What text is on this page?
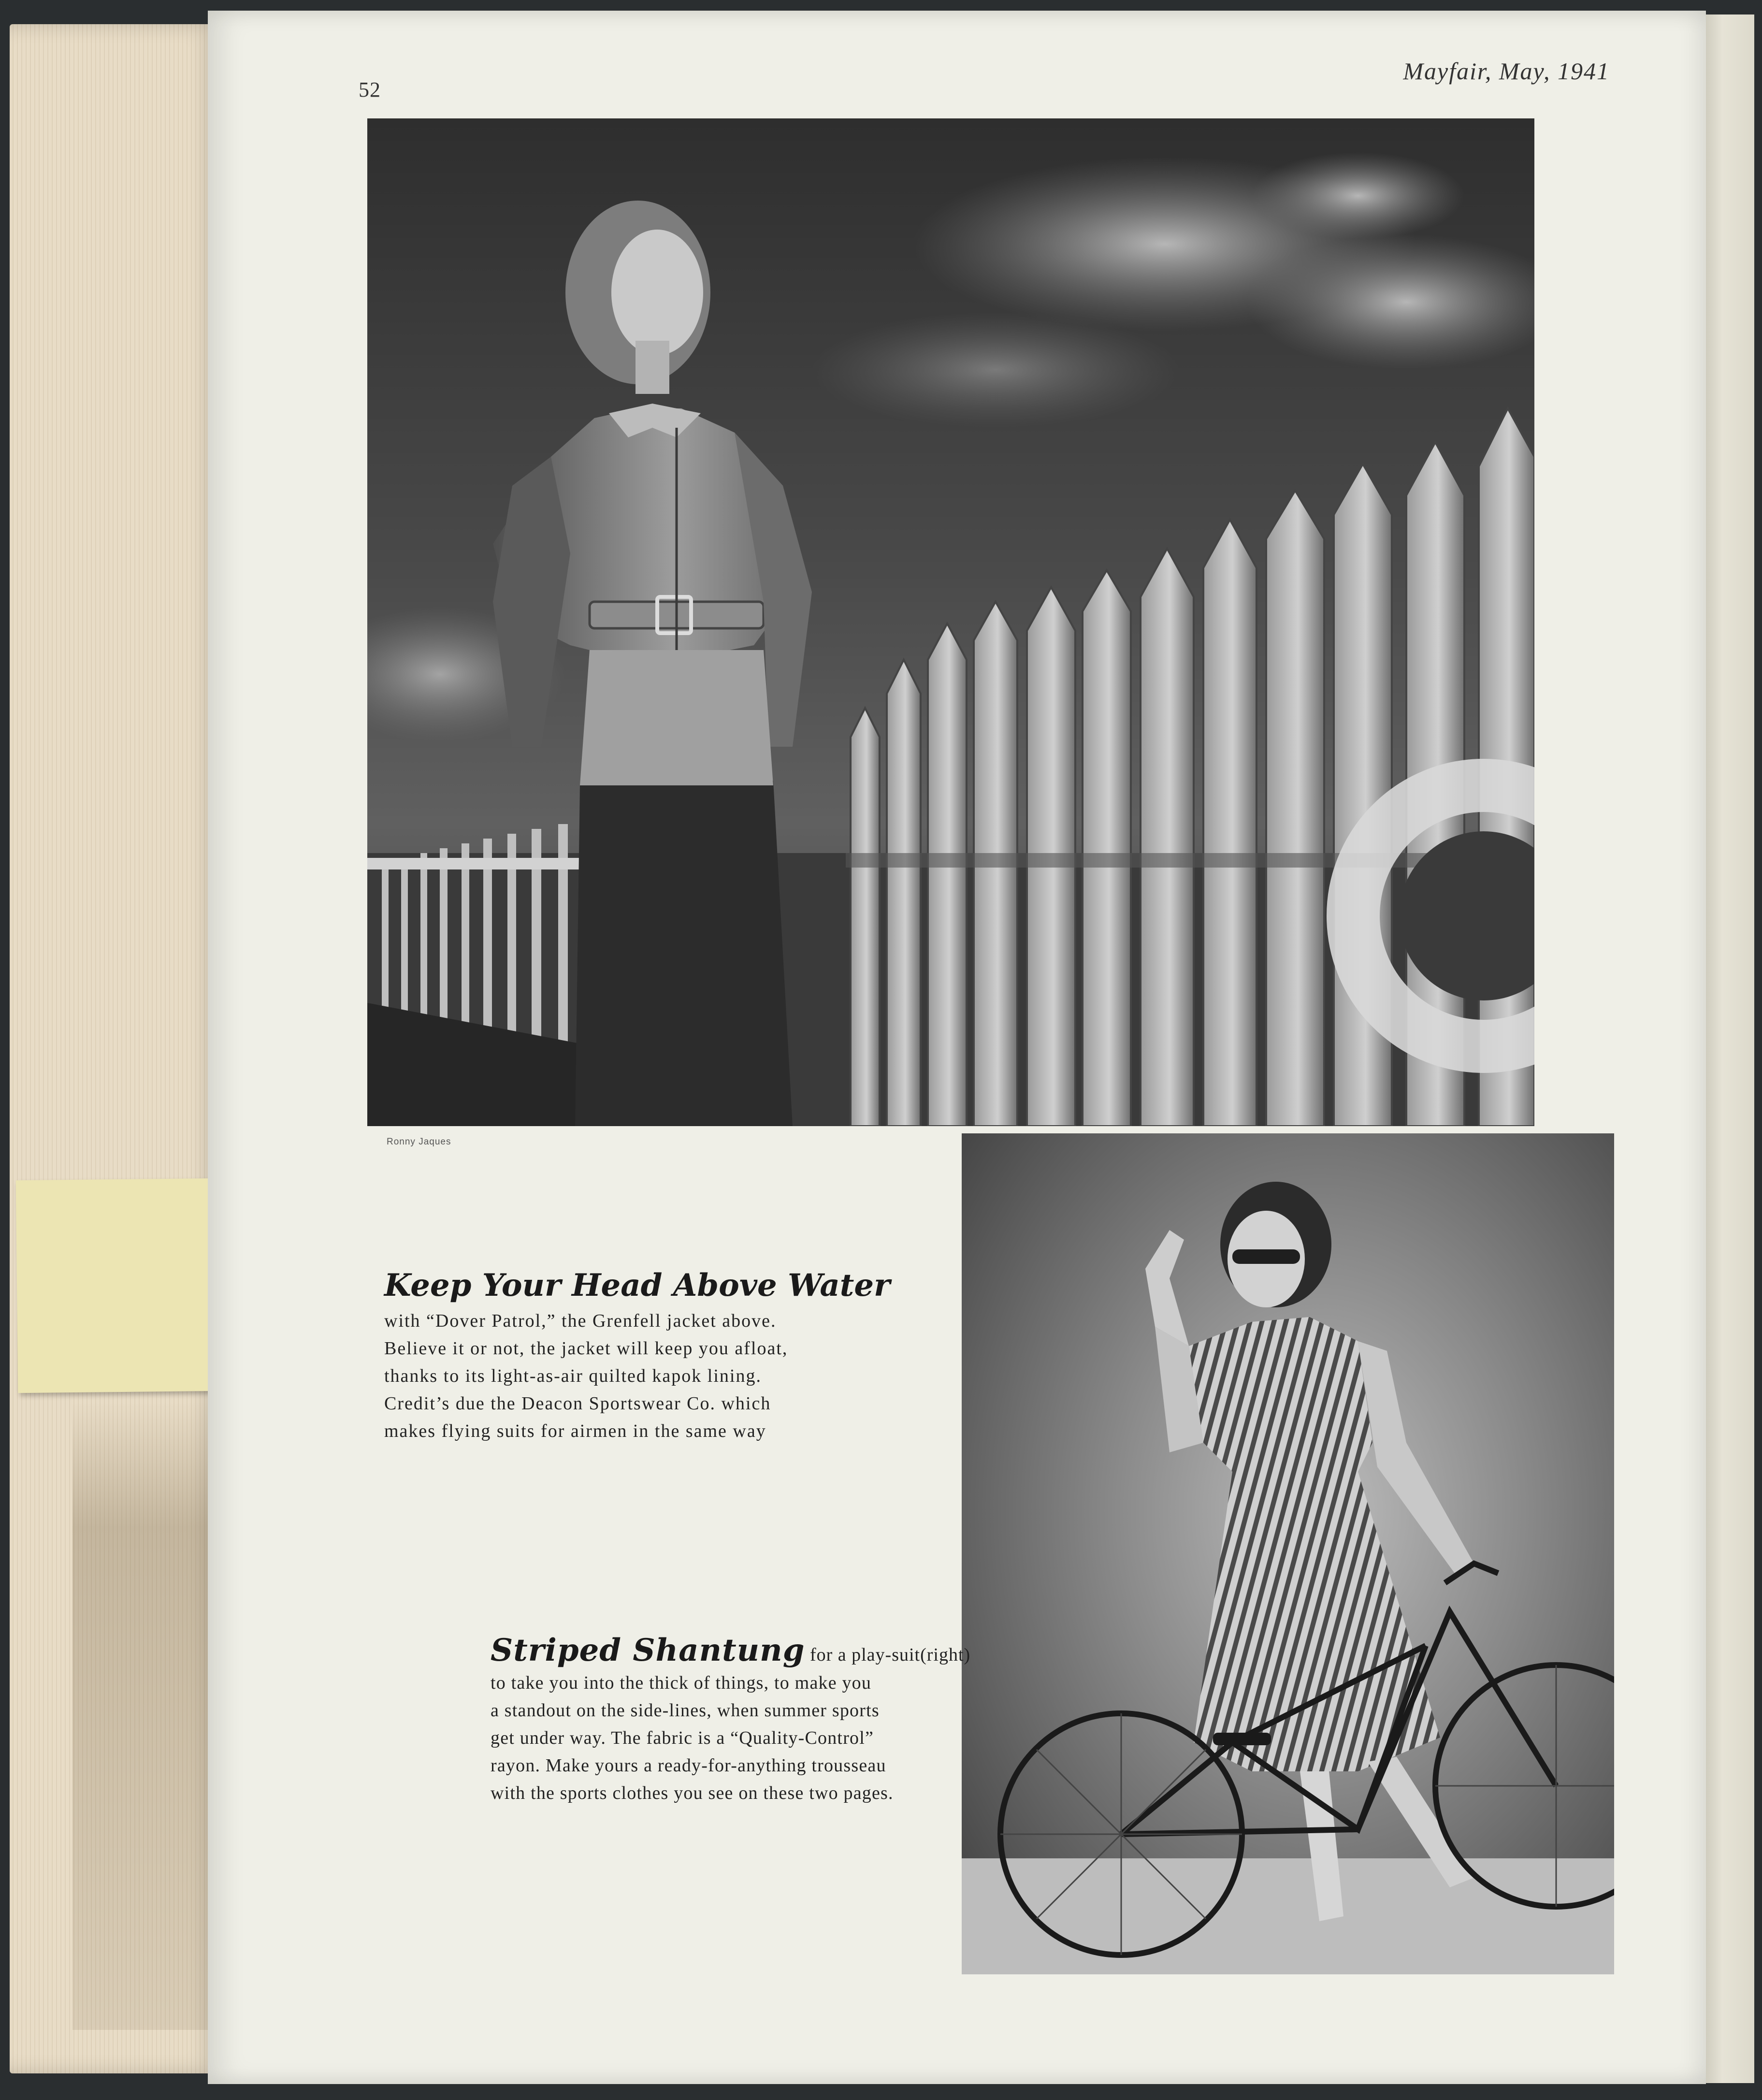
52
Mayfair, May, 1941
Ronny Jaques
Keep Your Head Above Water
with “Dover Patrol,” the Grenfell jacket above.
Believe it or not, the jacket will keep you afloat,
thanks to its light-as-air quilted kapok lining.
Credit’s due the Deacon Sportswear Co. which
makes flying suits for airmen in the same way
Striped Shantung for a play-suit(right)
to take you into the thick of things, to make you
a standout on the side-lines, when summer sports
get under way. The fabric is a “Quality-Control”
rayon. Make yours a ready-for-anything trousseau
with the sports clothes you see on these two pages.
